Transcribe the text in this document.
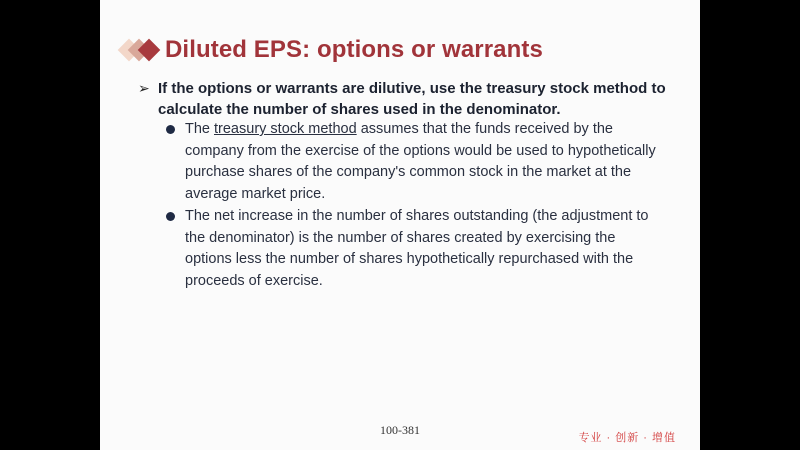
Diluted EPS: options or warrants
➢ If the options or warrants are dilutive, use the treasury stock method to calculate the number of shares used in the denominator.
The treasury stock method assumes that the funds received by the company from the exercise of the options would be used to hypothetically purchase shares of the company's common stock in the market at the average market price.
The net increase in the number of shares outstanding (the adjustment to the denominator) is the number of shares created by exercising the options less the number of shares hypothetically repurchased with the proceeds of exercise.
100-381
专业 · 创新 · 增值
